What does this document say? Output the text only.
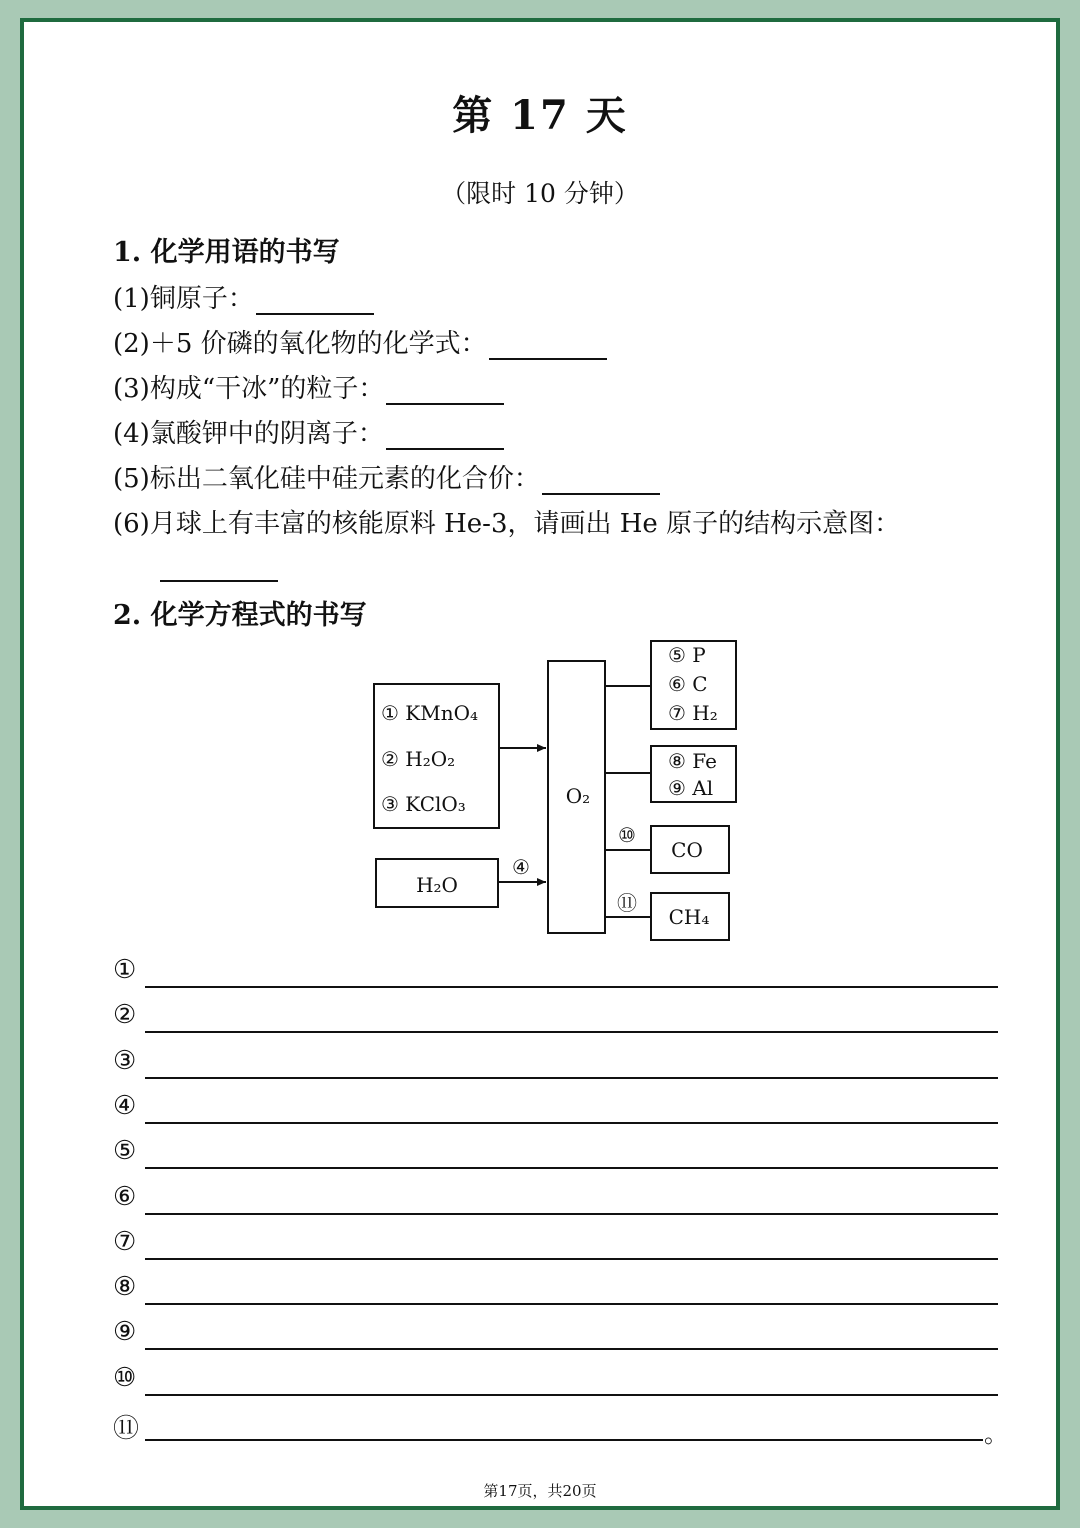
第 17 天
（限时 10 分钟）
1. 化学用语的书写
(1)铜原子：
(2)＋5 价磷的氧化物的化学式：
(3)构成“干冰”的粒子：
(4)氯酸钾中的阴离子：
(5)标出二氧化硅中硅元素的化合价：
(6)月球上有丰富的核能原料 He-3，请画出 He 原子的结构示意图：
2. 化学方程式的书写
① KMnO₄
② H₂O₂
③ KClO₃
H₂O
④
O₂
⑤ P
⑥ C
⑦ H₂
⑧ Fe
⑨ Al
⑩
CO
⑪
CH₄
①
②
③
④
⑤
⑥
⑦
⑧
⑨
⑩
⑪	。
第17页，共20页
